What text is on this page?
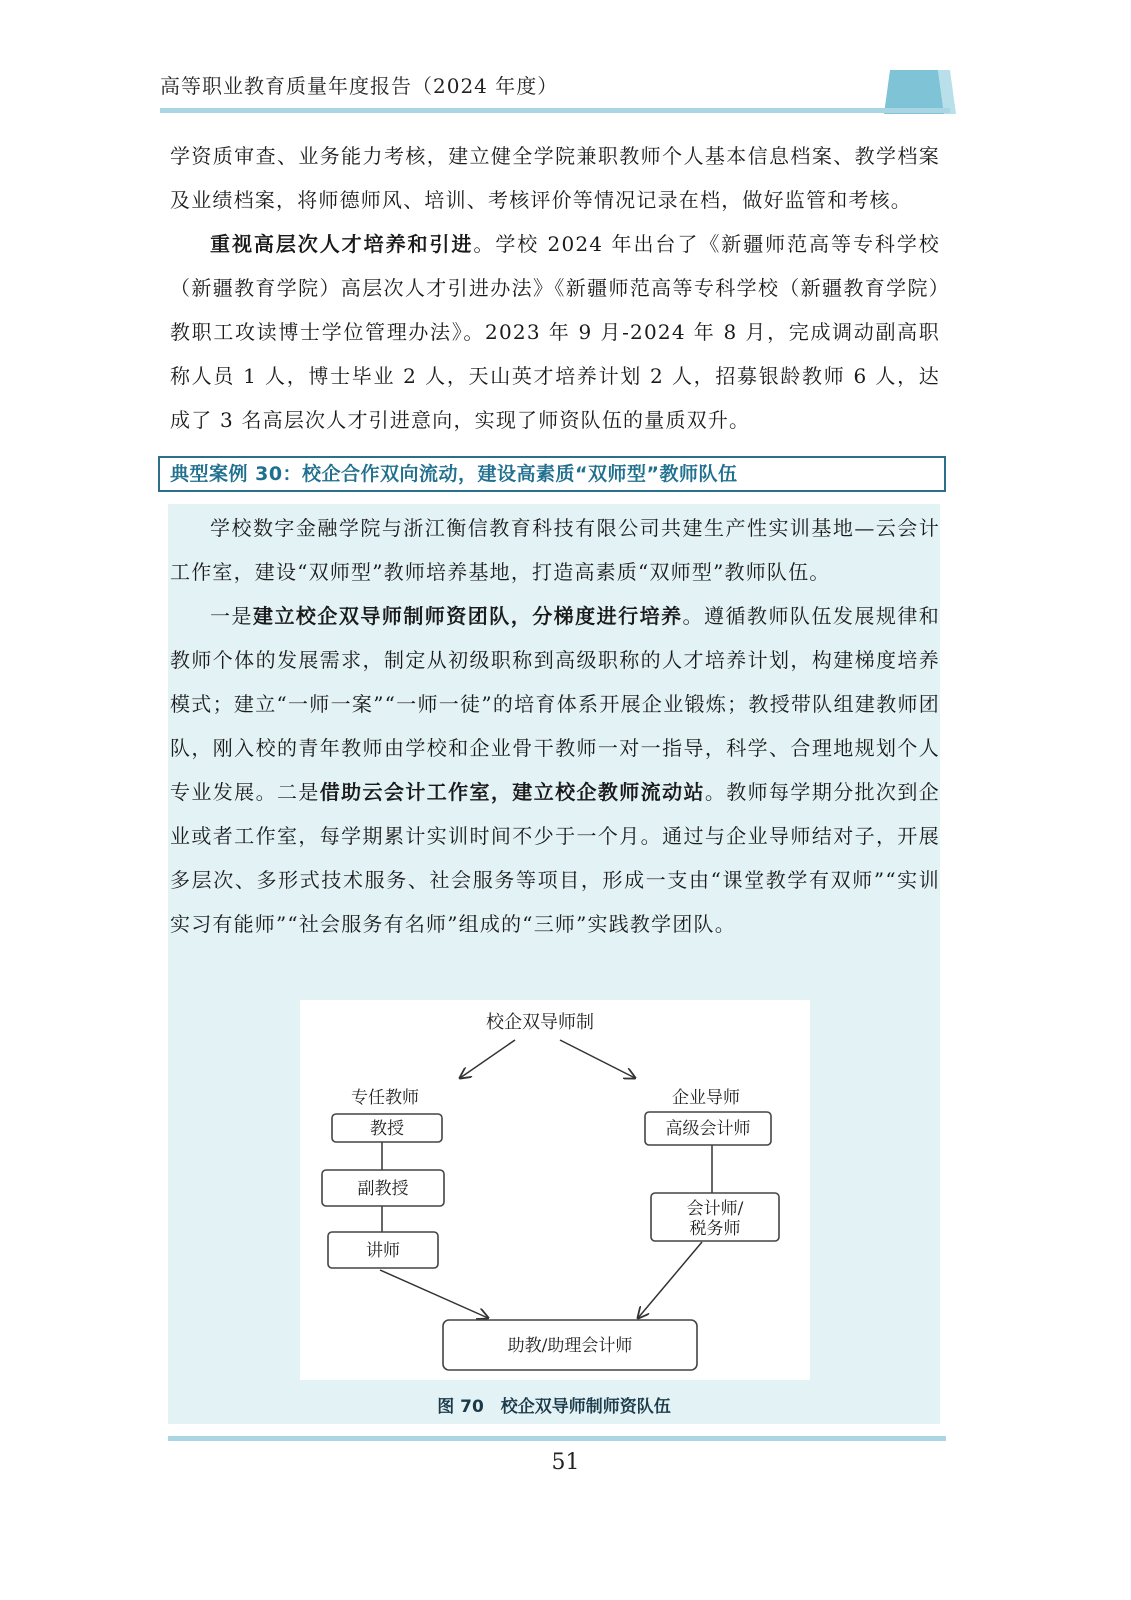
高等职业教育质量年度报告（2024 年度）

学资质审查、业务能力考核，建立健全学院兼职教师个人基本信息档案、教学档案及业绩档案，将师德师风、培训、考核评价等情况记录在档，做好监管和考核。

重视高层次人才培养和引进。学校 2024 年出台了《新疆师范高等专科学校（新疆教育学院）高层次人才引进办法》《新疆师范高等专科学校（新疆教育学院）教职工攻读博士学位管理办法》。2023 年 9 月-2024 年 8 月，完成调动副高职称人员 1 人，博士毕业 2 人，天山英才培养计划 2 人，招募银龄教师 6 人，达成了 3 名高层次人才引进意向，实现了师资队伍的量质双升。

典型案例 30：校企合作双向流动，建设高素质“双师型”教师队伍

学校数字金融学院与浙江衡信教育科技有限公司共建生产性实训基地—云会计工作室，建设“双师型”教师培养基地，打造高素质“双师型”教师队伍。

一是建立校企双导师制师资团队，分梯度进行培养。遵循教师队伍发展规律和教师个体的发展需求，制定从初级职称到高级职称的人才培养计划，构建梯度培养模式；建立“一师一案”“一师一徒”的培育体系开展企业锻炼；教授带队组建教师团队，刚入校的青年教师由学校和企业骨干教师一对一指导，科学、合理地规划个人专业发展。二是借助云会计工作室，建立校企教师流动站。教师每学期分批次到企业或者工作室，每学期累计实训时间不少于一个月。通过与企业导师结对子，开展多层次、多形式技术服务、社会服务等项目，形成一支由“课堂教学有双师”“实训实习有能师”“社会服务有名师”组成的“三师”实践教学团队。

校企双导师制
专任教师	企业导师
教授
副教授
讲师
高级会计师
会计师/
税务师
助教/助理会计师
图 70　校企双导师制师资队伍
51
